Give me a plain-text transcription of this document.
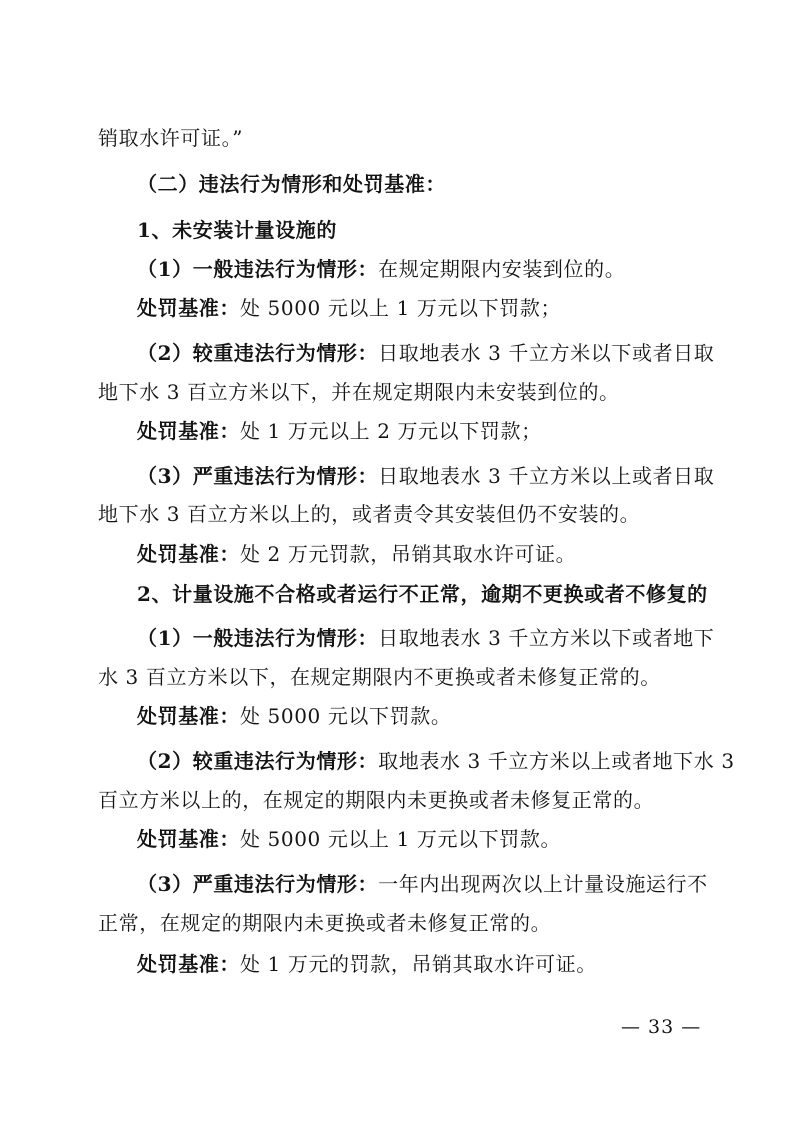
销取水许可证。”
（二）违法行为情形和处罚基准：
1、未安装计量设施的
（1）一般违法行为情形：在规定期限内安装到位的。
处罚基准：处 5000 元以上 1 万元以下罚款；
（2）较重违法行为情形：日取地表水 3 千立方米以下或者日取
地下水 3 百立方米以下，并在规定期限内未安装到位的。
处罚基准：处 1 万元以上 2 万元以下罚款；
（3）严重违法行为情形：日取地表水 3 千立方米以上或者日取
地下水 3 百立方米以上的，或者责令其安装但仍不安装的。
处罚基准：处 2 万元罚款，吊销其取水许可证。
2、计量设施不合格或者运行不正常，逾期不更换或者不修复的
（1）一般违法行为情形：日取地表水 3 千立方米以下或者地下
水 3 百立方米以下，在规定期限内不更换或者未修复正常的。
处罚基准：处 5000 元以下罚款。
（2）较重违法行为情形：取地表水 3 千立方米以上或者地下水 3
百立方米以上的，在规定的期限内未更换或者未修复正常的。
处罚基准：处 5000 元以上 1 万元以下罚款。
（3）严重违法行为情形：一年内出现两次以上计量设施运行不
正常，在规定的期限内未更换或者未修复正常的。
处罚基准：处 1 万元的罚款，吊销其取水许可证。
— 33 —
